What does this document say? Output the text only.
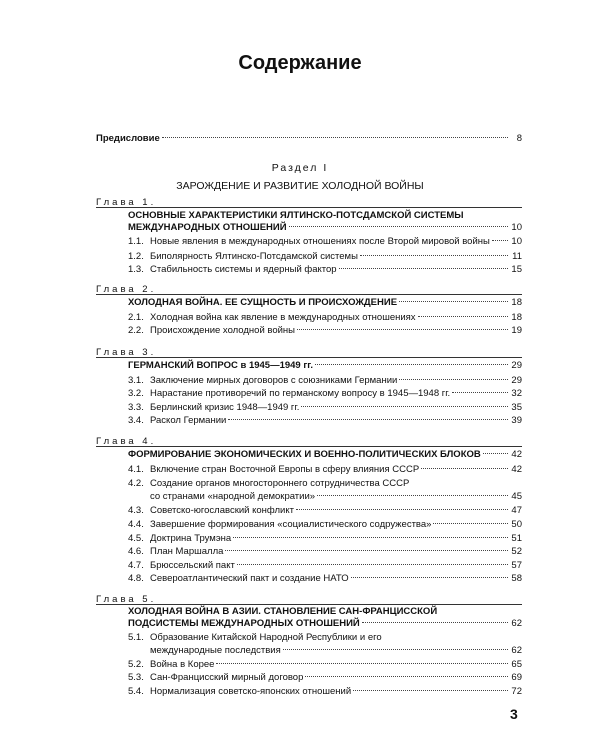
Содержание
Предисловие	8
Раздел I
ЗАРОЖДЕНИЕ И РАЗВИТИЕ ХОЛОДНОЙ ВОЙНЫ
Глава 1.
ОСНОВНЫЕ ХАРАКТЕРИСТИКИ ЯЛТИНСКО-ПОТСДАМСКОЙ СИСТЕМЫ
МЕЖДУНАРОДНЫХ ОТНОШЕНИЙ	10
1.1. Новые явления в международных отношениях после Второй мировой войны 10
1.2. Биполярность Ялтинско-Потсдамской системы	11
1.3. Стабильность системы и ядерный фактор	15
Глава 2.
ХОЛОДНАЯ ВОЙНА. ЕЕ СУЩНОСТЬ И ПРОИСХОЖДЕНИЕ	18
2.1. Холодная война как явление в международных отношениях	18
2.2. Происхождение холодной войны	19
Глава 3.
ГЕРМАНСКИЙ ВОПРОС в 1945—1949 гг.	29
3.1. Заключение мирных договоров с союзниками Германии	29
3.2. Нарастание противоречий по германскому вопросу в 1945—1948 гг.	32
3.3. Берлинский кризис 1948—1949 гг.	35
3.4. Раскол Германии	39
Глава 4.
ФОРМИРОВАНИЕ ЭКОНОМИЧЕСКИХ И ВОЕННО-ПОЛИТИЧЕСКИХ БЛОКОВ	42
4.1. Включение стран Восточной Европы в сферу влияния СССР	42
4.2. Создание органов многостороннего сотрудничества СССР
со странами «народной демократии»	45
4.3. Советско-югославский конфликт	47
4.4. Завершение формирования «социалистического содружества»	50
4.5. Доктрина Трумэна	51
4.6. План Маршалла	52
4.7. Брюссельский пакт	57
4.8. Североатлантический пакт и создание НАТО	58
Глава 5.
ХОЛОДНАЯ ВОЙНА В АЗИИ. СТАНОВЛЕНИЕ САН-ФРАНЦИССКОЙ
ПОДСИСТЕМЫ МЕЖДУНАРОДНЫХ ОТНОШЕНИЙ	62
5.1. Образование Китайской Народной Республики и его
международные последствия	62
5.2. Война в Корее	65
5.3. Сан-Францисский мирный договор	69
5.4. Нормализация советско-японских отношений	72
3
